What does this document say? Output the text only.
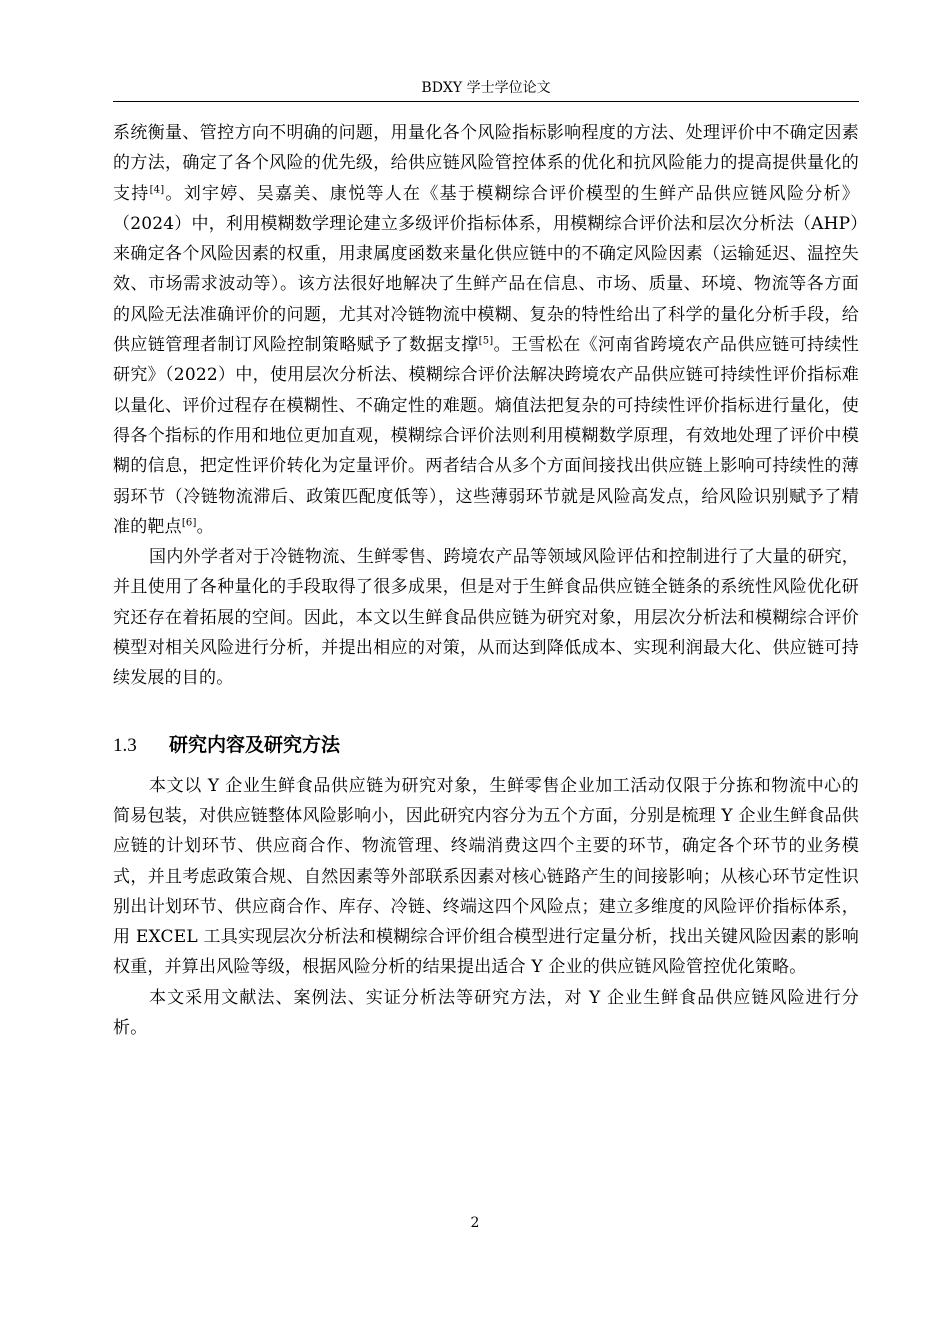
BDXY 学士学位论文

系统衡量、管控方向不明确的问题，用量化各个风险指标影响程度的方法、处理评价中不确定因素的方法，确定了各个风险的优先级，给供应链风险管控体系的优化和抗风险能力的提高提供量化的支持[4]。刘宇婷、吴嘉美、康悦等人在《基于模糊综合评价模型的生鲜产品供应链风险分析》（2024）中，利用模糊数学理论建立多级评价指标体系，用模糊综合评价法和层次分析法（AHP）来确定各个风险因素的权重，用隶属度函数来量化供应链中的不确定风险因素（运输延迟、温控失效、市场需求波动等）。该方法很好地解决了生鲜产品在信息、市场、质量、环境、物流等各方面的风险无法准确评价的问题，尤其对冷链物流中模糊、复杂的特性给出了科学的量化分析手段，给供应链管理者制订风险控制策略赋予了数据支撑[5]。王雪松在《河南省跨境农产品供应链可持续性研究》（2022）中，使用层次分析法、模糊综合评价法解决跨境农产品供应链可持续性评价指标难以量化、评价过程存在模糊性、不确定性的难题。熵值法把复杂的可持续性评价指标进行量化，使得各个指标的作用和地位更加直观，模糊综合评价法则利用模糊数学原理，有效地处理了评价中模糊的信息，把定性评价转化为定量评价。两者结合从多个方面间接找出供应链上影响可持续性的薄弱环节（冷链物流滞后、政策匹配度低等），这些薄弱环节就是风险高发点，给风险识别赋予了精准的靶点[6]。

国内外学者对于冷链物流、生鲜零售、跨境农产品等领域风险评估和控制进行了大量的研究，并且使用了各种量化的手段取得了很多成果，但是对于生鲜食品供应链全链条的系统性风险优化研究还存在着拓展的空间。因此，本文以生鲜食品供应链为研究对象，用层次分析法和模糊综合评价模型对相关风险进行分析，并提出相应的对策，从而达到降低成本、实现利润最大化、供应链可持续发展的目的。

1.3 研究内容及研究方法

本文以 Y 企业生鲜食品供应链为研究对象，生鲜零售企业加工活动仅限于分拣和物流中心的简易包装，对供应链整体风险影响小，因此研究内容分为五个方面，分别是梳理 Y 企业生鲜食品供应链的计划环节、供应商合作、物流管理、终端消费这四个主要的环节，确定各个环节的业务模式，并且考虑政策合规、自然因素等外部联系因素对核心链路产生的间接影响；从核心环节定性识别出计划环节、供应商合作、库存、冷链、终端这四个风险点；建立多维度的风险评价指标体系，用 EXCEL 工具实现层次分析法和模糊综合评价组合模型进行定量分析，找出关键风险因素的影响权重，并算出风险等级，根据风险分析的结果提出适合 Y 企业的供应链风险管控优化策略。

本文采用文献法、案例法、实证分析法等研究方法，对 Y 企业生鲜食品供应链风险进行分析。

2
